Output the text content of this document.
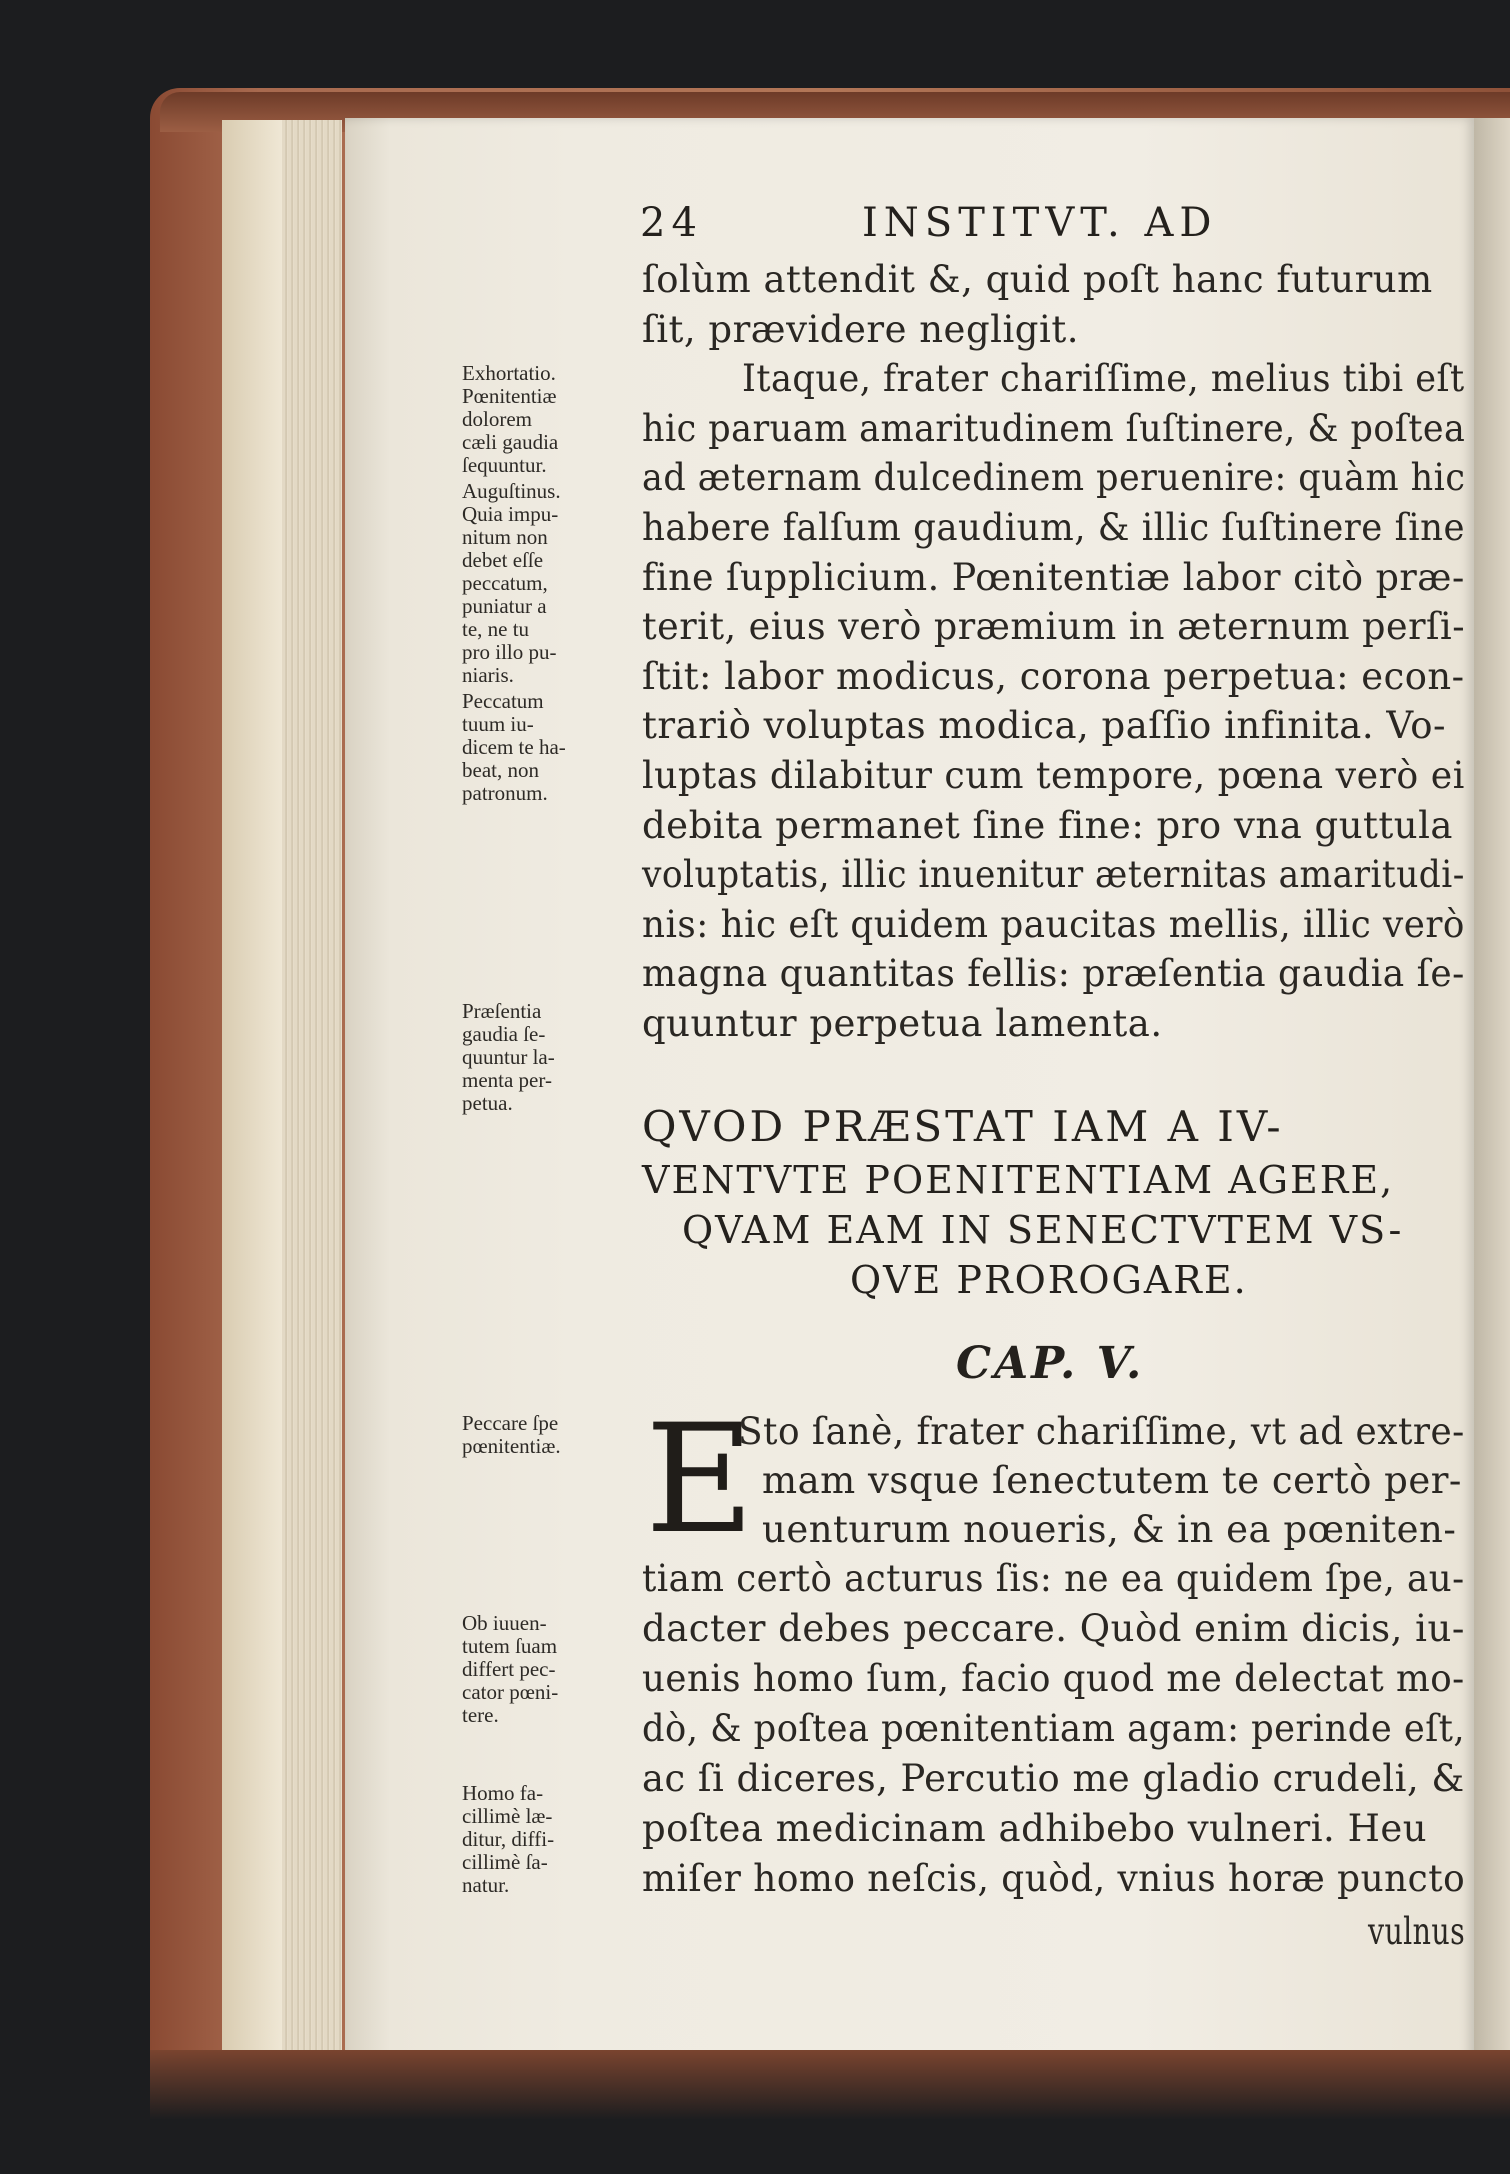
24	INSTITVT. AD
ſolùm attendit &, quid poſt hanc futurum
ſit, prævidere negligit.
Itaque, frater chariſſime, melius tibi eſt
hic paruam amaritudinem ſuſtinere, & poſtea
ad æternam dulcedinem peruenire: quàm hic
habere falſum gaudium, & illic ſuſtinere ſine
fine ſupplicium. Pœnitentiæ labor citò præ-
terit, eius verò præmium in æternum perſi-
ſtit: labor modicus, corona perpetua: econ-
trariò voluptas modica, paſſio infinita. Vo-
luptas dilabitur cum tempore, pœna verò ei
debita permanet ſine fine: pro vna guttula
voluptatis, illic inuenitur æternitas amaritudi-
nis: hic eſt quidem paucitas mellis, illic verò
magna quantitas fellis: præſentia gaudia ſe-
quuntur perpetua lamenta.
Exhortatio.
Pœnitentiæ
dolorem
cæli gaudia
ſequuntur.
Auguſtinus.
Quia impu-
nitum non
debet eſſe
peccatum,
puniatur a
te, ne tu
pro illo pu-
niaris.
Peccatum
tuum iu-
dicem te ha-
beat, non
patronum.
Præſentia
gaudia ſe-
quuntur la-
menta per-
petua.	QVOD PRÆSTAT IAM A IV-
VENTVTE POENITENTIAM AGERE,
QVAM EAM IN SENECTVTEM VS-
QVE PROROGARE.
CAP. V.
E
Sto ſanè, frater chariſſime, vt ad extre-
mam vsque ſenectutem te certò per-
uenturum noueris, & in ea pœniten-
tiam certò acturus ſis: ne ea quidem ſpe, au-
dacter debes peccare. Quòd enim dicis, iu-
uenis homo ſum, facio quod me delectat mo-
dò, & poſtea pœnitentiam agam: perinde eſt,
ac ſi diceres, Percutio me gladio crudeli, &
poſtea medicinam adhibebo vulneri. Heu
miſer homo neſcis, quòd, vnius horæ puncto
vulnus
Peccare ſpe
pœnitentiæ.
Ob iuuen-
tutem ſuam
differt pec-
cator pœni-
tere.
Homo fa-
cillimè læ-
ditur, diffi-
cillimè ſa-
natur.
